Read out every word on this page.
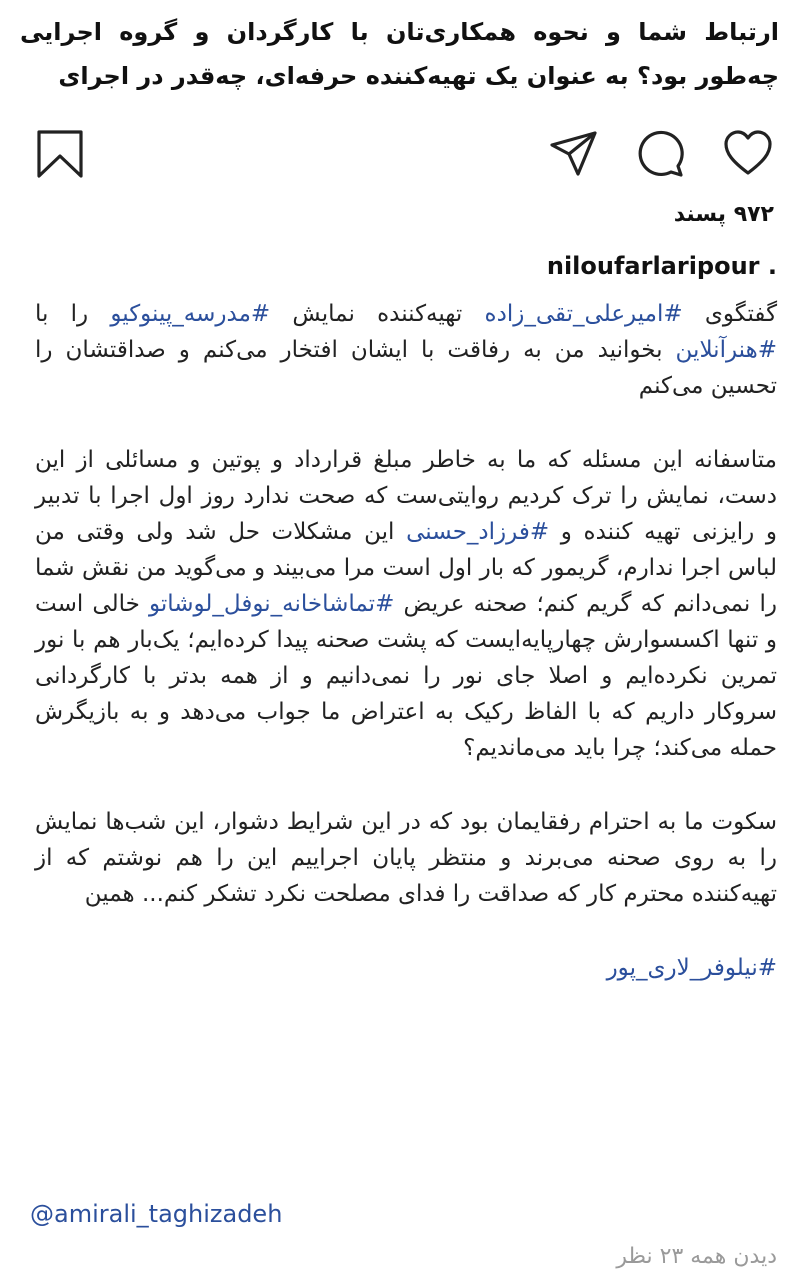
ارتباط شما و نحوه همکاری‌تان با کارگردان و گروه اجرایی چه‌طور بود؟ به عنوان یک تهیه‌کننده حرفه‌ای، چه‌قدر در اجرای
۹۷۲ پسند
niloufarlaripour .

گفتگوی #امیرعلی_تقی_زاده تهیه‌کننده نمایش #مدرسه_پینوکیو را با #هنرآنلاین بخوانید من به رفاقت با ایشان افتخار می‌کنم و صداقتشان را تحسین می‌کنم

متاسفانه این مسئله که ما به خاطر مبلغ قرارداد و پوتین و مسائلی از این دست، نمایش را ترک کردیم روایتی‌ست که صحت ندارد روز اول اجرا با تدبیر و رایزنی تهیه کننده و #فرزاد_حسنی این مشکلات حل شد ولی وقتی من لباس اجرا ندارم، گریمور که بار اول است مرا می‌بیند و می‌گوید من نقش شما را نمی‌دانم که گریم کنم؛ صحنه عریض #تماشاخانه_نوفل_لوشاتو خالی است و تنها اکسسوارش چهارپایه‌ایست که پشت صحنه پیدا کرده‌ایم؛ یک‌بار هم با نور تمرین نکرده‌ایم و اصلا جای نور را نمی‌دانیم و از همه بدتر با کارگردانی سروکار داریم که با الفاظ رکیک به اعتراض ما جواب می‌دهد و به بازیگرش حمله می‌کند؛ چرا باید می‌ماندیم؟

سکوت ما به احترام رفقایمان بود که در این شرایط دشوار، این شب‌ها نمایش را به روی صحنه می‌برند و منتظر پایان اجراییم این را هم نوشتم که از تهیه‌کننده محترم کار که صداقت را فدای مصلحت نکرد تشکر کنم... همین

#نیلوفر_لاری_پور

@amirali_taghizadeh
دیدن همه ۲۳ نظر
